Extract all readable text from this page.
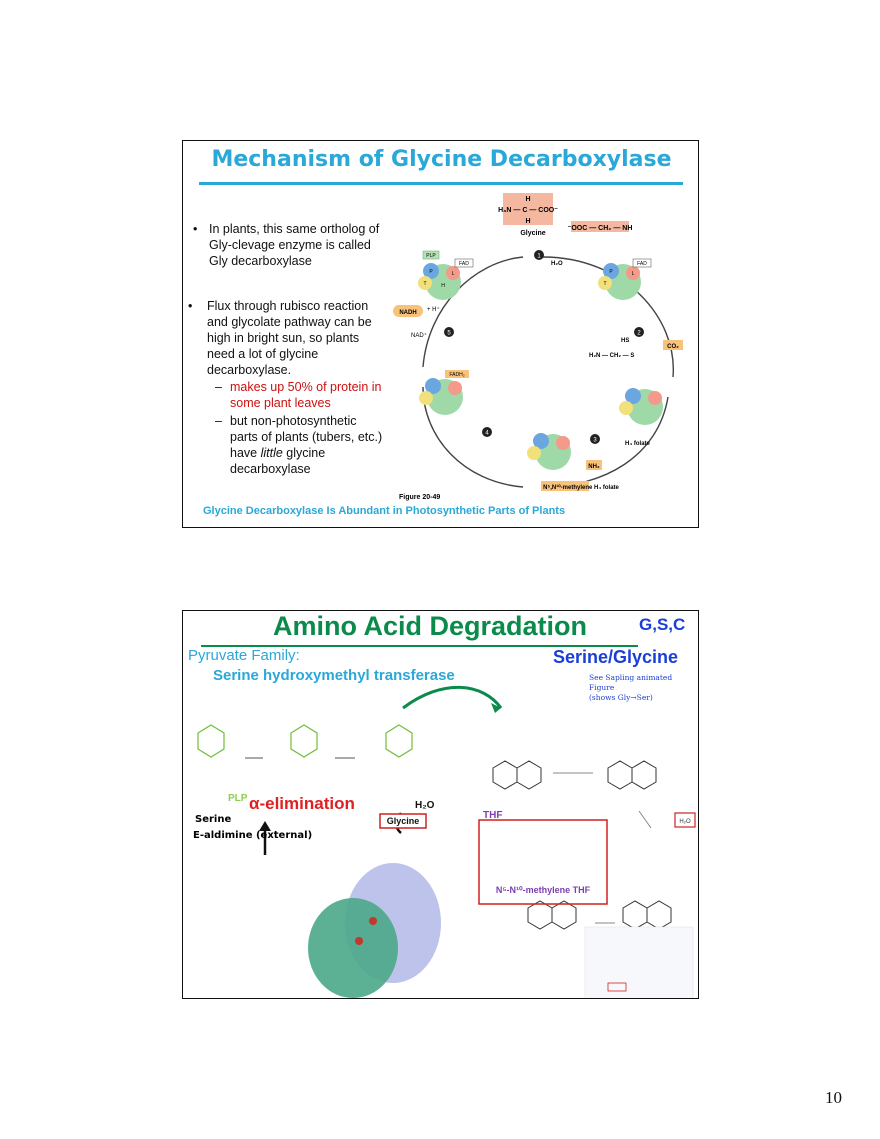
Mechanism of Glycine Decarboxylase
• In plants, this same ortholog of
Gly-clevage enzyme is called
Gly decarboxylase
• Flux through rubisco reaction
and glycolate pathway can be
high in bright sun, so plants
need a lot of glycine
decarboxylase.
– makes up 50% of protein in
some plant leaves
– but non-photosynthetic
parts of plants (tubers, etc.)
have little glycine
decarboxylase
H
H₃N — C — COO⁻
H
Glycine
⁻OOC — CH₂ — NH
PLP
FAD
P	L
T	H
FAD
P	L
T
FADH₂
NADH + H⁺
NAD⁺
H₂O
CO₂
H₂N — CH₂ — S
HS
H₄ folate
NH₃
N⁵,N¹⁰-methylene H₄ folate
1
2
3
4
5
Figure 20-49
Glycine Decarboxylase Is Abundant in Photosynthetic Parts of Plants
Amino Acid Degradation	G,S,C
Pyruvate Family:	Serine/Glycine
Serine hydroxymethyl transferase	See Sapling animated Figure
(shows Gly→Ser)
PLP
H₂O
THF
H₂O
Glycine
N⁵-N¹⁰-methylene THF
α-elimination
Serine
E-aldimine (external)
10
